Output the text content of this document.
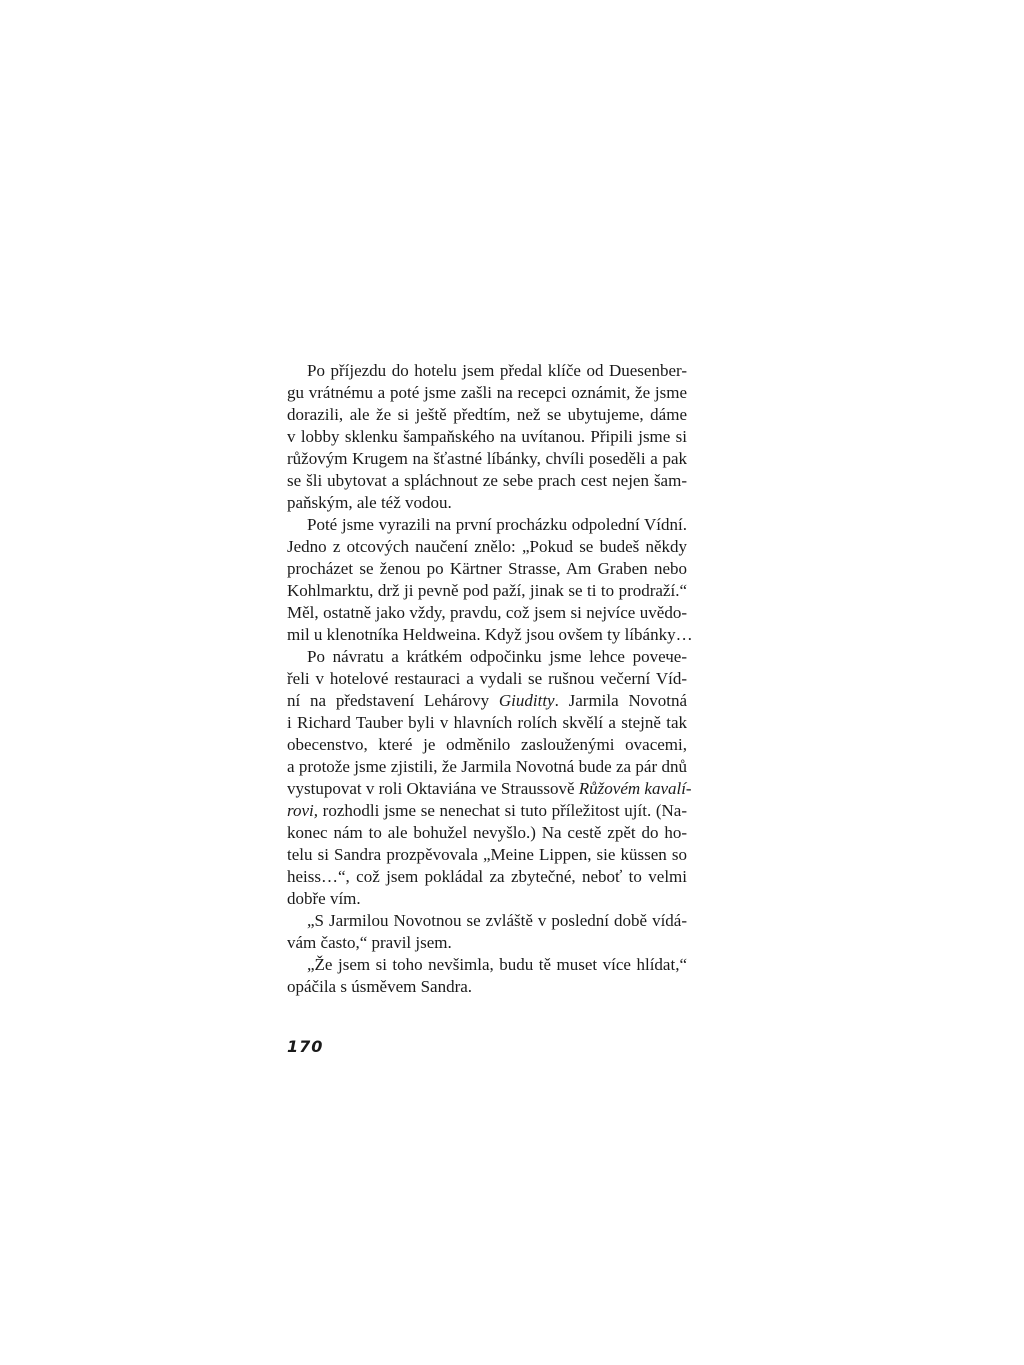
Po příjezdu do hotelu jsem předal klíče od Duesenber-
gu vrátnému a poté jsme zašli na recepci oznámit, že jsme
dorazili, ale že si ještě předtím, než se ubytujeme, dáme
v lobby sklenku šampaňského na uvítanou. Připili jsme si
růžovým Krugem na šťastné líbánky, chvíli poseděli a pak
se šli ubytovat a spláchnout ze sebe prach cest nejen šam-
paňským, ale též vodou.
Poté jsme vyrazili na první procházku odpolední Vídní.
Jedno z otcových naučení znělo: „Pokud se budeš někdy
procházet se ženou po Kärtner Strasse, Am Graben nebo
Kohlmarktu, drž ji pevně pod paží, jinak se ti to prodraží.“
Měl, ostatně jako vždy, pravdu, což jsem si nejvíce uvědo-
mil u klenotníka Heldweina. Když jsou ovšem ty líbánky…
Po návratu a krátkém odpočinku jsme lehce povече-
řeli v hotelové restauraci a vydali se rušnou večerní Víd-
ní na představení Lehárovy Giuditty. Jarmila Novotná
i Richard Tauber byli v hlavních rolích skvělí a stejně tak
obecenstvo, které je odměnilo zaslouženými ovacemi,
a protože jsme zjistili, že Jarmila Novotná bude za pár dnů
vystupovat v roli Oktaviána ve Straussově Růžovém kavalí-
rovi, rozhodli jsme se nenechat si tuto příležitost ujít. (Na-
konec nám to ale bohužel nevyšlo.) Na cestě zpět do ho-
telu si Sandra prozpěvovala „Meine Lippen, sie küssen so
heiss…“, což jsem pokládal za zbytečné, neboť to velmi
dobře vím.
„S Jarmilou Novotnou se zvláště v poslední době vídá-
vám často,“ pravil jsem.
„Že jsem si toho nevšimla, budu tě muset více hlídat,“
opáčila s úsměvem Sandra.
170
